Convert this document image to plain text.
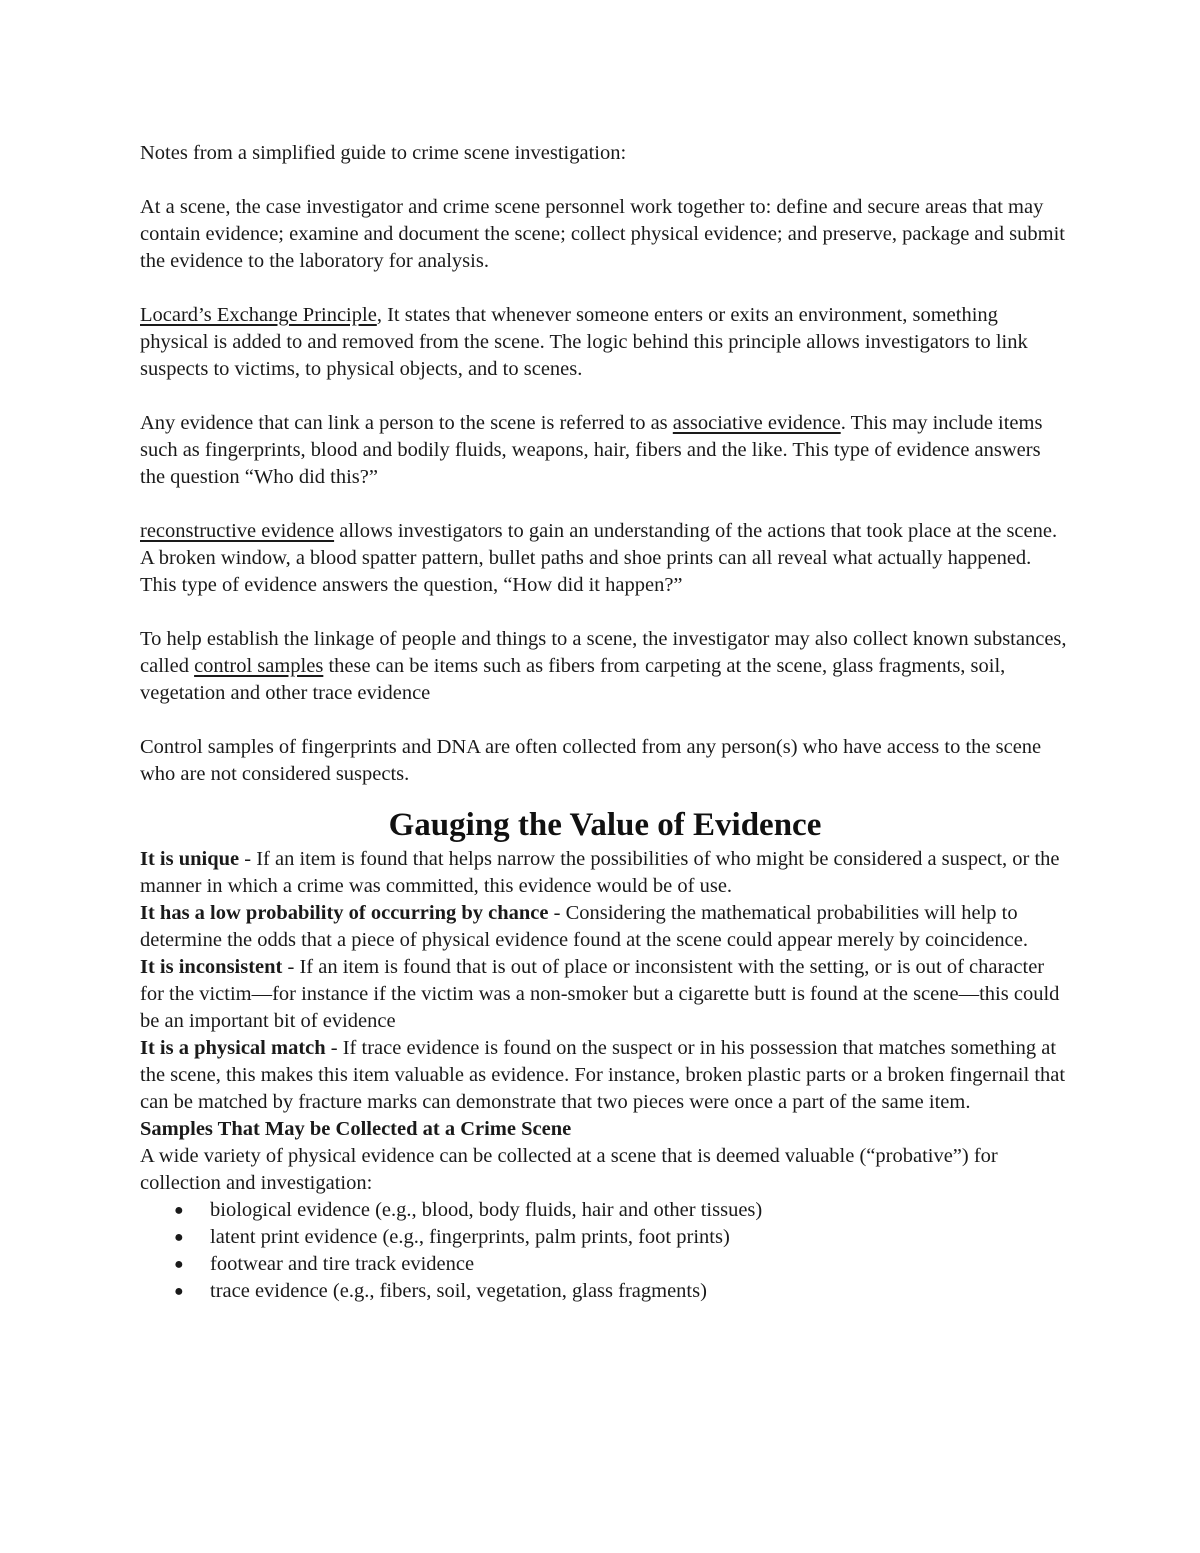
Notes from a simplified guide to crime scene investigation:

At a scene, the case investigator and crime scene personnel work together to: define and secure areas that may contain evidence; examine and document the scene; collect physical evidence; and preserve, package and submit the evidence to the laboratory for analysis.

Locard’s Exchange Principle, It states that whenever someone enters or exits an environment, something physical is added to and removed from the scene. The logic behind this principle allows investigators to link suspects to victims, to physical objects, and to scenes.

Any evidence that can link a person to the scene is referred to as associative evidence. This may include items such as fingerprints, blood and bodily fluids, weapons, hair, fibers and the like. This type of evidence answers the question “Who did this?”

reconstructive evidence allows investigators to gain an understanding of the actions that took place at the scene. A broken window, a blood spatter pattern, bullet paths and shoe prints can all reveal what actually happened. This type of evidence answers the question, “How did it happen?”

To help establish the linkage of people and things to a scene, the investigator may also collect known substances, called control samples these can be items such as fibers from carpeting at the scene, glass fragments, soil, vegetation and other trace evidence

Control samples of fingerprints and DNA are often collected from any person(s) who have access to the scene who are not considered suspects.

Gauging the Value of Evidence

It is unique - If an item is found that helps narrow the possibilities of who might be considered a suspect, or the manner in which a crime was committed, this evidence would be of use.

It has a low probability of occurring by chance - Considering the mathematical probabilities will help to determine the odds that a piece of physical evidence found at the scene could appear merely by coincidence.

It is inconsistent - If an item is found that is out of place or inconsistent with the setting, or is out of character for the victim—for instance if the victim was a non-smoker but a cigarette butt is found at the scene—this could be an important bit of evidence

It is a physical match - If trace evidence is found on the suspect or in his possession that matches something at the scene, this makes this item valuable as evidence. For instance, broken plastic parts or a broken fingernail that can be matched by fracture marks can demonstrate that two pieces were once a part of the same item.

Samples That May be Collected at a Crime Scene

A wide variety of physical evidence can be collected at a scene that is deemed valuable (“probative”) for collection and investigation:

● biological evidence (e.g., blood, body fluids, hair and other tissues)
● latent print evidence (e.g., fingerprints, palm prints, foot prints)
● footwear and tire track evidence
● trace evidence (e.g., fibers, soil, vegetation, glass fragments)
